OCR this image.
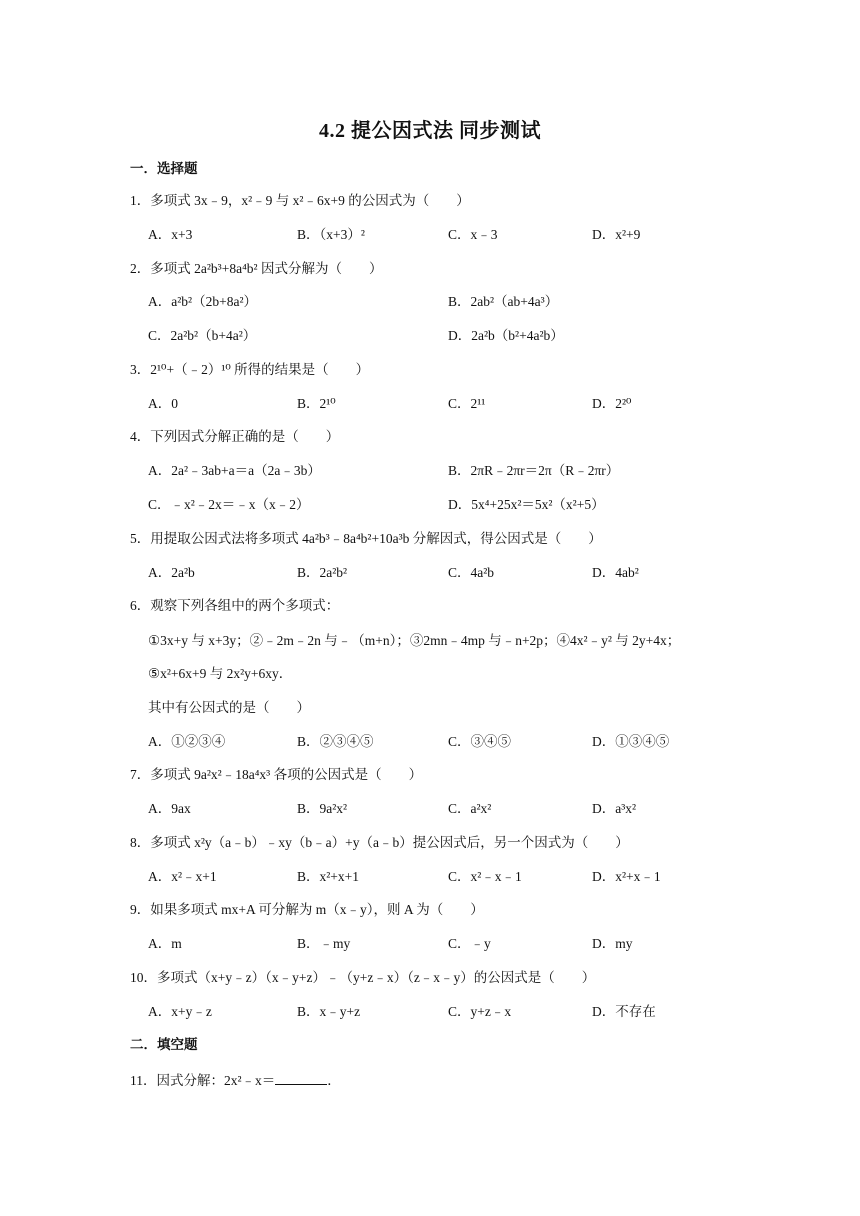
4.2 提公因式法 同步测试
一．选择题
1．多项式 3x﹣9，x²﹣9 与 x²﹣6x+9 的公因式为（　　）
A．x+3	B．（x+3）²	C．x﹣3	D．x²+9
2．多项式 2a²b³+8a⁴b² 因式分解为（　　）
A．a²b²（2b+8a²）	B．2ab²（ab+4a³）
C．2a²b²（b+4a²）	D．2a²b（b²+4a²b）
3．2¹⁰+（﹣2）¹⁰ 所得的结果是（　　）
A．0	B．2¹⁰	C．2¹¹	D．2²⁰
4．下列因式分解正确的是（　　）
A．2a²﹣3ab+a＝a（2a﹣3b）	B．2πR﹣2πr＝2π（R﹣2πr）
C．﹣x²﹣2x＝﹣x（x﹣2）	D．5x⁴+25x²＝5x²（x²+5）
5．用提取公因式法将多项式 4a²b³﹣8a⁴b²+10a³b 分解因式，得公因式是（　　）
A．2a²b	B．2a²b²	C．4a²b	D．4ab²
6．观察下列各组中的两个多项式：
①3x+y 与 x+3y；②﹣2m﹣2n 与﹣（m+n）；③2mn﹣4mp 与﹣n+2p；④4x²﹣y² 与 2y+4x；
⑤x²+6x+9 与 2x²y+6xy．
其中有公因式的是（　　）
A．①②③④	B．②③④⑤	C．③④⑤	D．①③④⑤
7．多项式 9a²x²﹣18a⁴x³ 各项的公因式是（　　）
A．9ax	B．9a²x²	C．a²x²	D．a³x²
8．多项式 x²y（a﹣b）﹣xy（b﹣a）+y（a﹣b）提公因式后，另一个因式为（　　）
A．x²﹣x+1	B．x²+x+1	C．x²﹣x﹣1	D．x²+x﹣1
9．如果多项式 mx+A 可分解为 m（x﹣y），则 A 为（　　）
A．m	B．﹣my	C．﹣y	D．my
10．多项式（x+y﹣z）（x﹣y+z）﹣（y+z﹣x）（z﹣x﹣y）的公因式是（　　）
A．x+y﹣z	B．x﹣y+z	C．y+z﹣x	D．不存在
二．填空题
11．因式分解：2x²﹣x＝	．
